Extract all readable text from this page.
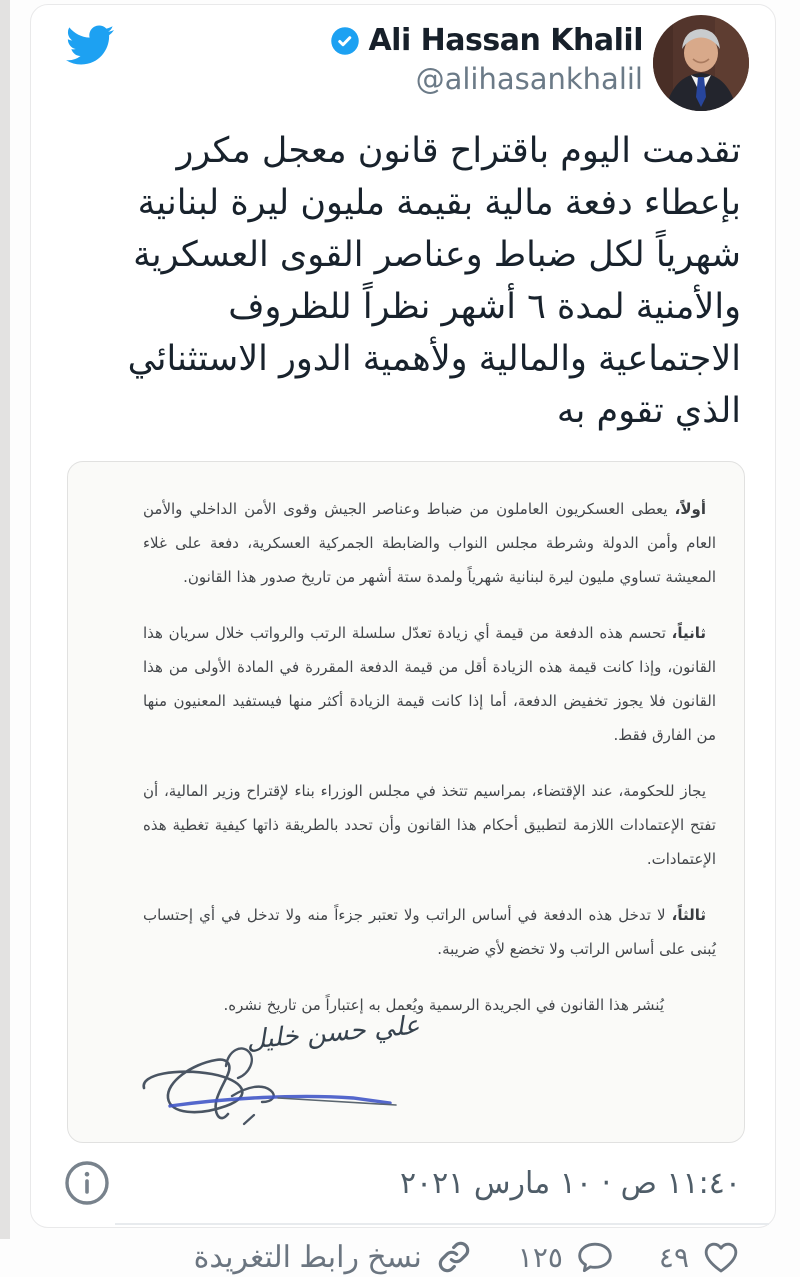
Ali Hassan Khalil
@alihasankhalil
تقدمت اليوم باقتراح قانون معجل مكرر بإعطاء دفعة مالية بقيمة مليون ليرة لبنانية شهرياً لكل ضباط وعناصر القوى العسكرية والأمنية لمدة ٦ أشهر نظراً للظروف الاجتماعية والمالية ولأهمية الدور الاستثنائي الذي تقوم به

أولاً، يعطى العسكريون العاملون من ضباط وعناصر الجيش وقوى الأمن الداخلي والأمن العام وأمن الدولة وشرطة مجلس النواب والضابطة الجمركية العسكرية، دفعة على غلاء المعيشة تساوي مليون ليرة لبنانية شهرياً ولمدة ستة أشهر من تاريخ صدور هذا القانون.

ثانياً، تحسم هذه الدفعة من قيمة أي زيادة تعدّل سلسلة الرتب والرواتب خلال سريان هذا القانون، وإذا كانت قيمة هذه الزيادة أقل من قيمة الدفعة المقررة في المادة الأولى من هذا القانون فلا يجوز تخفيض الدفعة، أما إذا كانت قيمة الزيادة أكثر منها فيستفيد المعنيون منها من الفارق فقط.

يجاز للحكومة، عند الإقتضاء، بمراسيم تتخذ في مجلس الوزراء بناء لإقتراح وزير المالية، أن تفتح الإعتمادات اللازمة لتطبيق أحكام هذا القانون وأن تحدد بالطريقة ذاتها كيفية تغطية هذه الإعتمادات.

ثالثاً، لا تدخل هذه الدفعة في أساس الراتب ولا تعتبر جزءاً منه ولا تدخل في أي إحتساب يُبنى على أساس الراتب ولا تخضع لأي ضريبة.

يُنشر هذا القانون في الجريدة الرسمية ويُعمل به إعتباراً من تاريخ نشره.

علي حسن خليل
١١:٤٠ ص · ١٠ مارس ٢٠٢١
٤٩
١٢٥
نسخ رابط التغريدة
